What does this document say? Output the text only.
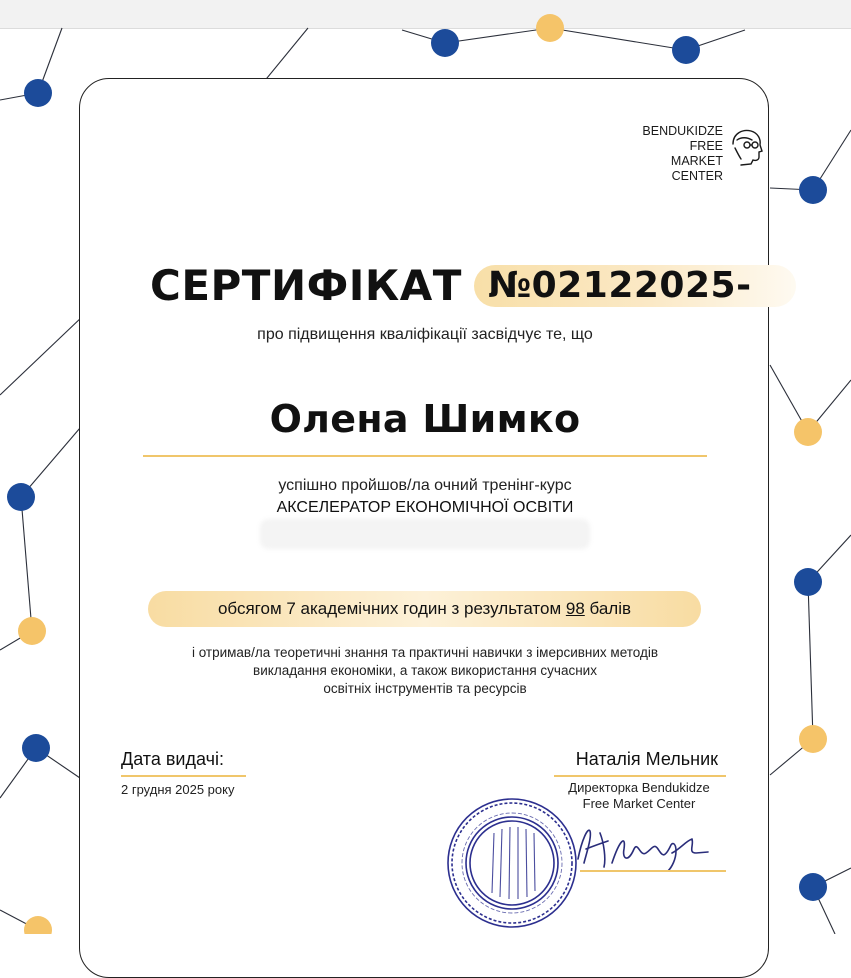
BENDUKIDZE
FREE MARKET
CENTER
СЕРТИФІКАТ №02122025-
про підвищення кваліфікації засвідчує те, що
Олена Шимко
успішно пройшов/ла очний тренінг-курс
АКСЕЛЕРАТОР ЕКОНОМІЧНОЇ ОСВІТИ
обсягом 7 академічних годин з результатом 98 балів
і отримав/ла теоретичні знання та практичні навички з імерсивних методів
викладання економіки, а також використання сучасних
освітніх інструментів та ресурсів
Дата видачі:
2 грудня 2025 року
Наталія Мельник
Директорка Bendukidze
Free Market Center
